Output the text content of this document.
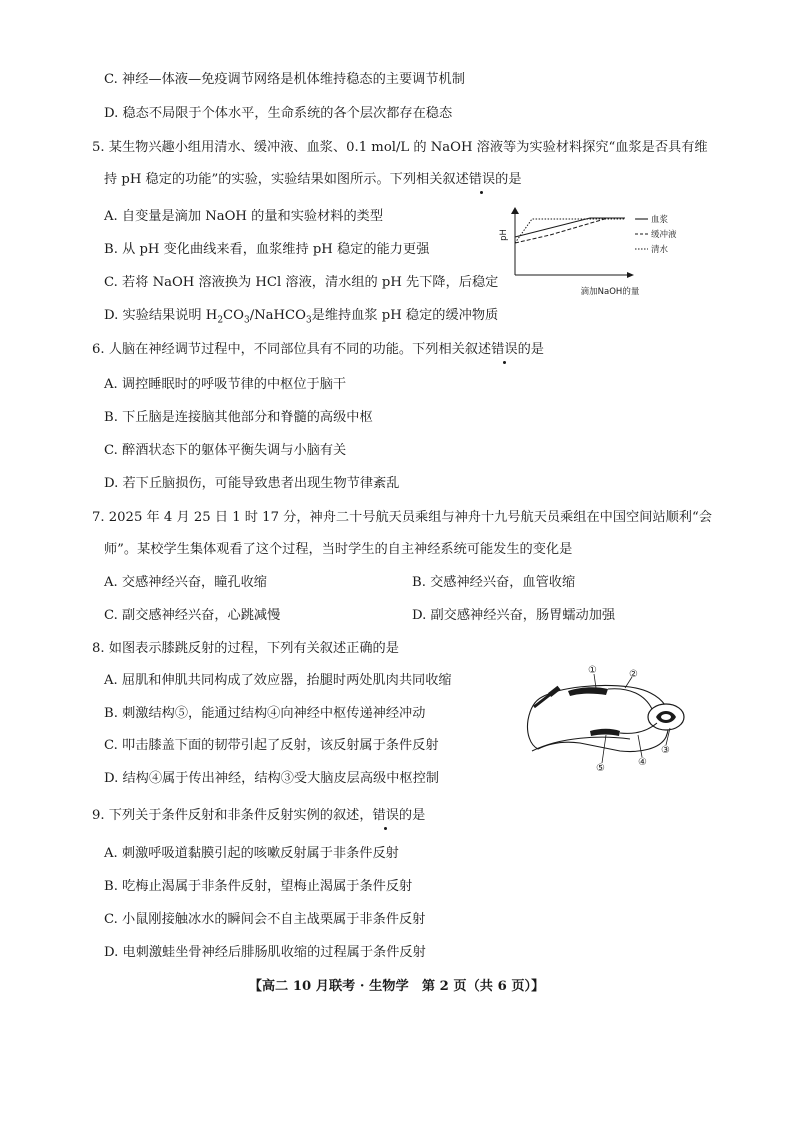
C. 神经—体液—免疫调节网络是机体维持稳态的主要调节机制
D. 稳态不局限于个体水平，生命系统的各个层次都存在稳态
5. 某生物兴趣小组用清水、缓冲液、血浆、0.1 mol/L 的 NaOH 溶液等为实验材料探究“血浆是否具有维
持 pH 稳定的功能”的实验，实验结果如图所示。下列相关叙述错误的是
A. 自变量是滴加 NaOH 的量和实验材料的类型
B. 从 pH 变化曲线来看，血浆维持 pH 稳定的能力更强
C. 若将 NaOH 溶液换为 HCl 溶液，清水组的 pH 先下降，后稳定
D. 实验结果说明 $H_2CO_3/NaHCO_3$是维持血浆 pH 稳定的缓冲物质
pH
滴加NaOH的量
血浆
缓冲液
清水
6. 人脑在神经调节过程中，不同部位具有不同的功能。下列相关叙述错误的是
A. 调控睡眠时的呼吸节律的中枢位于脑干
B. 下丘脑是连接脑其他部分和脊髓的高级中枢
C. 醉酒状态下的躯体平衡失调与小脑有关
D. 若下丘脑损伤，可能导致患者出现生物节律紊乱
7. 2025 年 4 月 25 日 1 时 17 分，神舟二十号航天员乘组与神舟十九号航天员乘组在中国空间站顺利“会
师”。某校学生集体观看了这个过程，当时学生的自主神经系统可能发生的变化是
A. 交感神经兴奋，瞳孔收缩	B. 交感神经兴奋，血管收缩
C. 副交感神经兴奋，心跳减慢	D. 副交感神经兴奋，肠胃蠕动加强
8. 如图表示膝跳反射的过程，下列有关叙述正确的是
A. 屈肌和伸肌共同构成了效应器，抬腿时两处肌肉共同收缩
B. 刺激结构⑤，能通过结构④向神经中枢传递神经冲动
C. 叩击膝盖下面的韧带引起了反射，该反射属于条件反射
D. 结构④属于传出神经，结构③受大脑皮层高级中枢控制
①	②
③
④
⑤
9. 下列关于条件反射和非条件反射实例的叙述，错误的是
A. 刺激呼吸道黏膜引起的咳嗽反射属于非条件反射
B. 吃梅止渴属于非条件反射，望梅止渴属于条件反射
C. 小鼠刚接触冰水的瞬间会不自主战栗属于非条件反射
D. 电刺激蛙坐骨神经后腓肠肌收缩的过程属于条件反射
【高二 10 月联考 · 生物学　第 2 页（共 6 页）】
